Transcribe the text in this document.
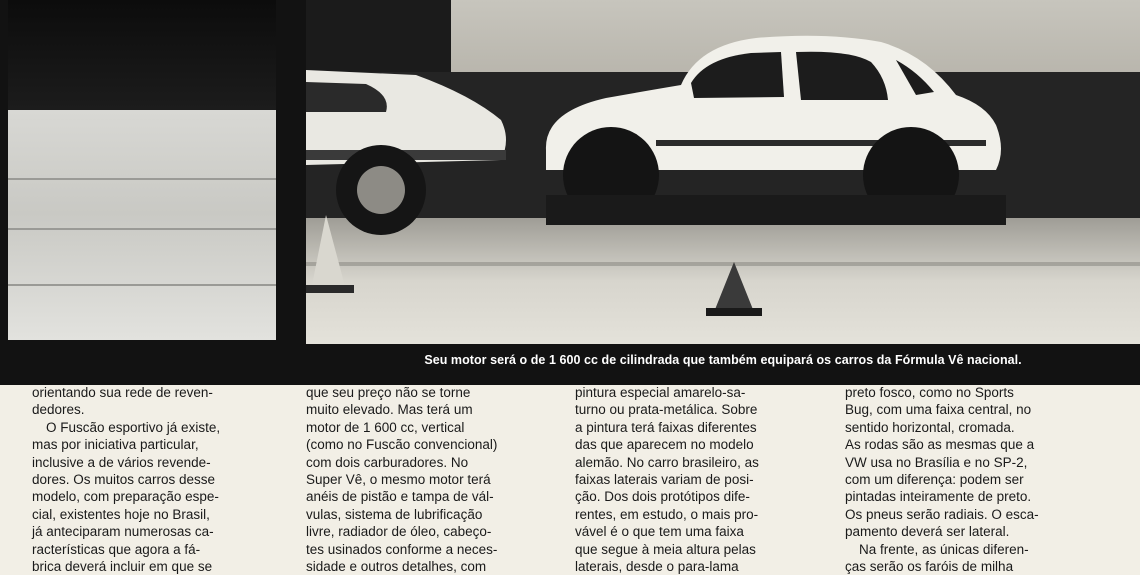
Seu motor será o de 1 600 cc de cilindrada que também equipará os carros da Fórmula Vê nacional.
orientando sua rede de reven-
dedores.
O Fuscão esportivo já existe,
mas por iniciativa particular,
inclusive a de vários revende-
dores. Os muitos carros desse
modelo, com preparação espe-
cial, existentes hoje no Brasil,
já anteciparam numerosas ca-
racterísticas que agora a fá-
brica deverá incluir em que se
que seu preço não se torne
muito elevado. Mas terá um
motor de 1 600 cc, vertical
(como no Fuscão convencional)
com dois carburadores. No
Super Vê, o mesmo motor terá
anéis de pistão e tampa de vál-
vulas, sistema de lubrificação
livre, radiador de óleo, cabeço-
tes usinados conforme a neces-
sidade e outros detalhes, com
pintura especial amarelo-sa-
turno ou prata-metálica. Sobre
a pintura terá faixas diferentes
das que aparecem no modelo
alemão. No carro brasileiro, as
faixas laterais variam de posi-
ção. Dos dois protótipos dife-
rentes, em estudo, o mais pro-
vável é o que tem uma faixa
que segue à meia altura pelas
laterais, desde o para-lama
preto fosco, como no Sports
Bug, com uma faixa central, no
sentido horizontal, cromada.
As rodas são as mesmas que a
VW usa no Brasília e no SP-2,
com um diferença: podem ser
pintadas inteiramente de preto.
Os pneus serão radiais. O esca-
pamento deverá ser lateral.
Na frente, as únicas diferen-
ças serão os faróis de milha
